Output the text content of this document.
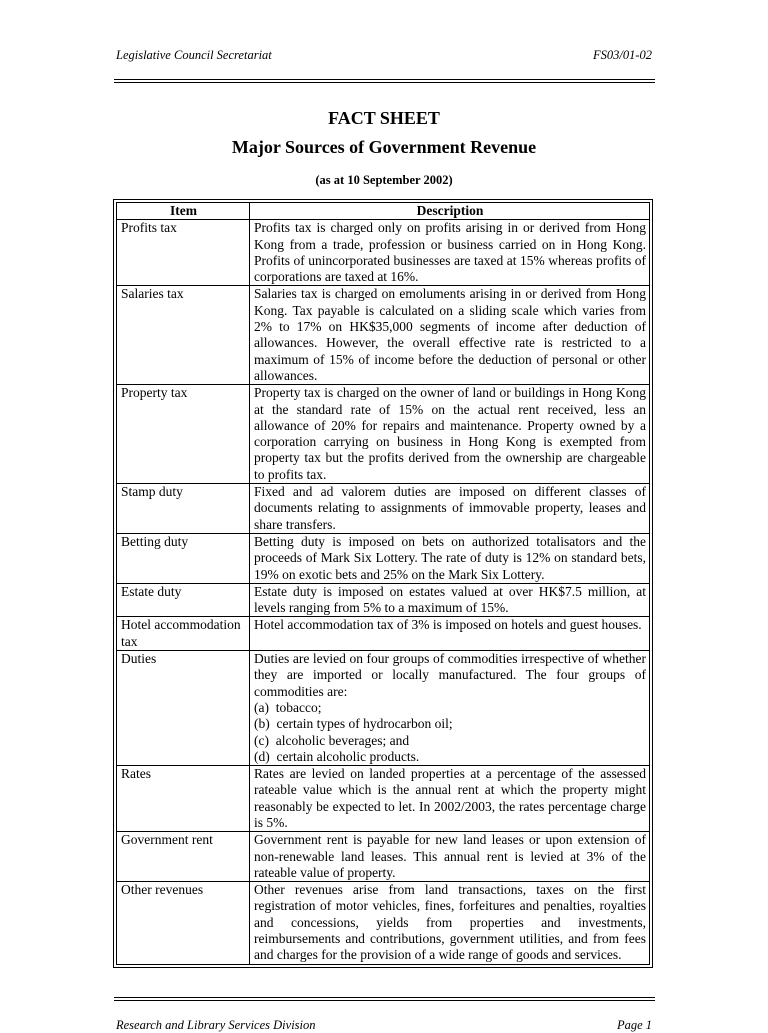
Legislative Council Secretariat	FS03/01-02
FACT SHEET
Major Sources of Government Revenue
(as at 10 September 2002)
Item	Description
Profits tax	Profits tax is charged only on profits arising in or derived from Hong Kong from a trade, profession or business carried on in Hong Kong. Profits of unincorporated businesses are taxed at 15% whereas profits of corporations are taxed at 16%.
Salaries tax	Salaries tax is charged on emoluments arising in or derived from Hong Kong. Tax payable is calculated on a sliding scale which varies from 2% to 17% on HK$35,000 segments of income after deduction of allowances. However, the overall effective rate is restricted to a maximum of 15% of income before the deduction of personal or other allowances.
Property tax	Property tax is charged on the owner of land or buildings in Hong Kong at the standard rate of 15% on the actual rent received, less an allowance of 20% for repairs and maintenance. Property owned by a corporation carrying on business in Hong Kong is exempted from property tax but the profits derived from the ownership are chargeable to profits tax.
Stamp duty	Fixed and ad valorem duties are imposed on different classes of documents relating to assignments of immovable property, leases and share transfers.
Betting duty	Betting duty is imposed on bets on authorized totalisators and the proceeds of Mark Six Lottery. The rate of duty is 12% on standard bets, 19% on exotic bets and 25% on the Mark Six Lottery.
Estate duty	Estate duty is imposed on estates valued at over HK$7.5 million, at levels ranging from 5% to a maximum of 15%.
Hotel accommodation tax	Hotel accommodation tax of 3% is imposed on hotels and guest houses.
Duties	Duties are levied on four groups of commodities irrespective of whether they are imported or locally manufactured. The four groups of commodities are:
(a)  tobacco;
(b)  certain types of hydrocarbon oil;
(c)  alcoholic beverages; and
(d)  certain alcoholic products.

Rates	Rates are levied on landed properties at a percentage of the assessed rateable value which is the annual rent at which the property might reasonably be expected to let. In 2002/2003, the rates percentage charge is 5%.
Government rent	Government rent is payable for new land leases or upon extension of non-renewable land leases. This annual rent is levied at 3% of the rateable value of property.
Other revenues	Other revenues arise from land transactions, taxes on the first registration of motor vehicles, fines, forfeitures and penalties, royalties and concessions, yields from properties and investments, reimbursements and contributions, government utilities, and from fees and charges for the provision of a wide range of goods and services.
Research and Library Services Division	Page 1
